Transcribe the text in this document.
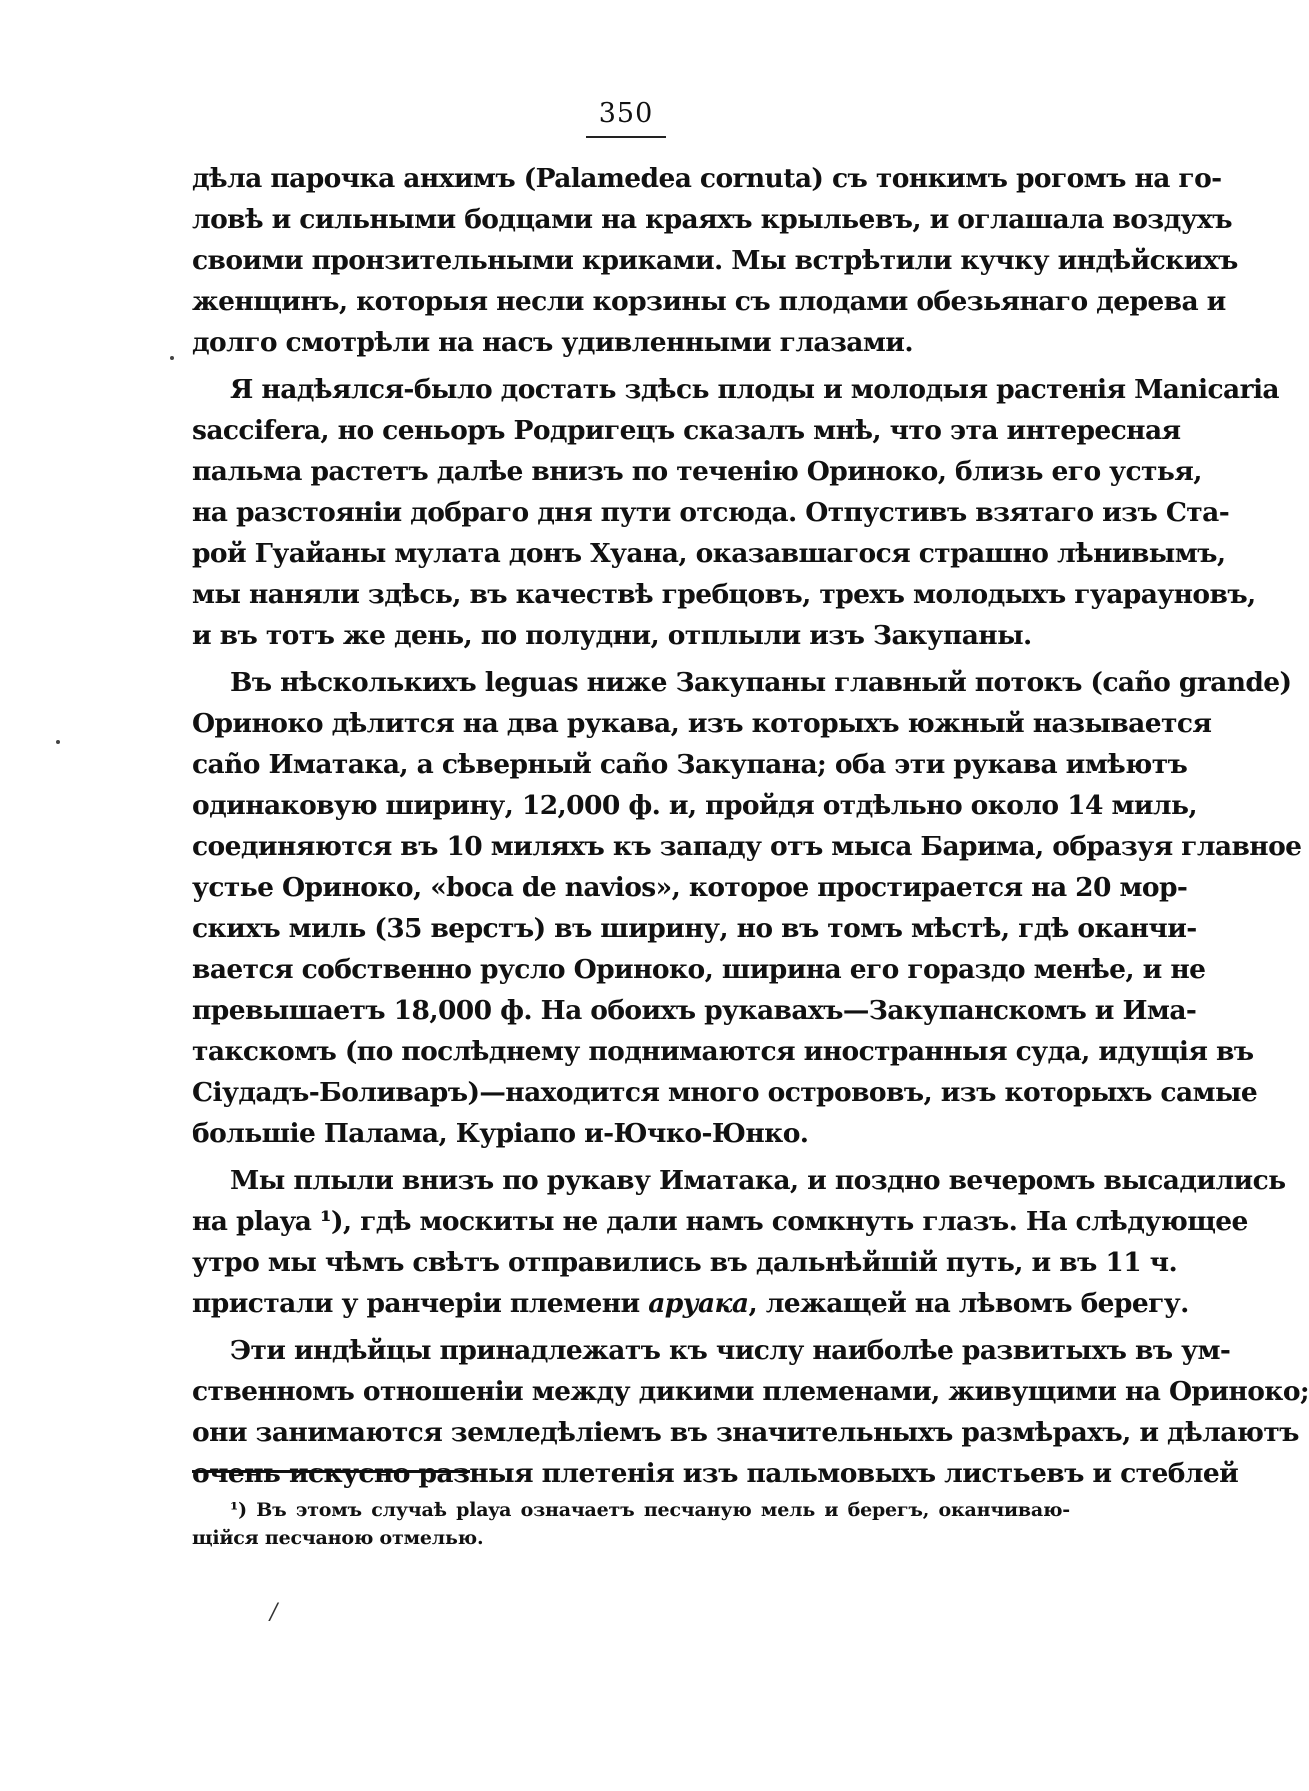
350
дѣла парочка анхимъ (Palamedea cornuta) съ тонкимъ рогомъ на го-
ловѣ и сильными бодцами на краяхъ крыльевъ, и оглашала воздухъ
своими пронзительными криками. Мы встрѣтили кучку индѣйскихъ
женщинъ, которыя несли корзины съ плодами обезьянаго дерева и
долго смотрѣли на насъ удивленными глазами.
Я надѣялся-было достать здѣсь плоды и молодыя растенія Manicaria
saccifera, но сеньоръ Родригецъ сказалъ мнѣ, что эта интересная
пальма растетъ далѣе внизъ по теченію Ориноко, близь его устья,
на разстояніи добраго дня пути отсюда. Отпустивъ взятаго изъ Ста-
рой Гуайаны мулата донъ Хуана, оказавшагося страшно лѣнивымъ,
мы наняли здѣсь, въ качествѣ гребцовъ, трехъ молодыхъ гуарауновъ,
и въ тотъ же день, по полудни, отплыли изъ Закупаны.
Въ нѣсколькихъ leguas ниже Закупаны главный потокъ (caño grande)
Ориноко дѣлится на два рукава, изъ которыхъ южный называется
caño Иматака, а сѣверный caño Закупана; оба эти рукава имѣютъ
одинаковую ширину, 12,000 ф. и, пройдя отдѣльно около 14 миль,
соединяются въ 10 миляхъ къ западу отъ мыса Барима, образуя главное
устье Ориноко, «boca de navios», которое простирается на 20 мор-
скихъ миль (35 верстъ) въ ширину, но въ томъ мѣстѣ, гдѣ оканчи-
вается собственно русло Ориноко, ширина его гораздо менѣе, и не
превышаетъ 18,000 ф. На обоихъ рукавахъ—Закупанскомъ и Има-
такскомъ (по послѣднему поднимаются иностранныя суда, идущія въ
Сіудадъ-Боливаръ)—находится много острововъ, изъ которыхъ самые
большіе Палама, Куріапо и-Ючко-Юнко.
Мы плыли внизъ по рукаву Иматака, и поздно вечеромъ высадились
на playa ¹), гдѣ москиты не дали намъ сомкнуть глазъ. На слѣдующее
утро мы чѣмъ свѣтъ отправились въ дальнѣйшій путь, и въ 11 ч.
пристали у ранчеріи племени аруака, лежащей на лѣвомъ берегу.
Эти индѣйцы принадлежатъ къ числу наиболѣе развитыхъ въ ум-
ственномъ отношеніи между дикими племенами, живущими на Ориноко;
они занимаются земледѣліемъ въ значительныхъ размѣрахъ, и дѣлаютъ
очень искусно разныя плетенія изъ пальмовыхъ листьевъ и стеблей
¹) Въ этомъ случаѣ playa означаетъ песчаную мель и берегъ, оканчиваю-
щійся песчаною отмелью.
/
